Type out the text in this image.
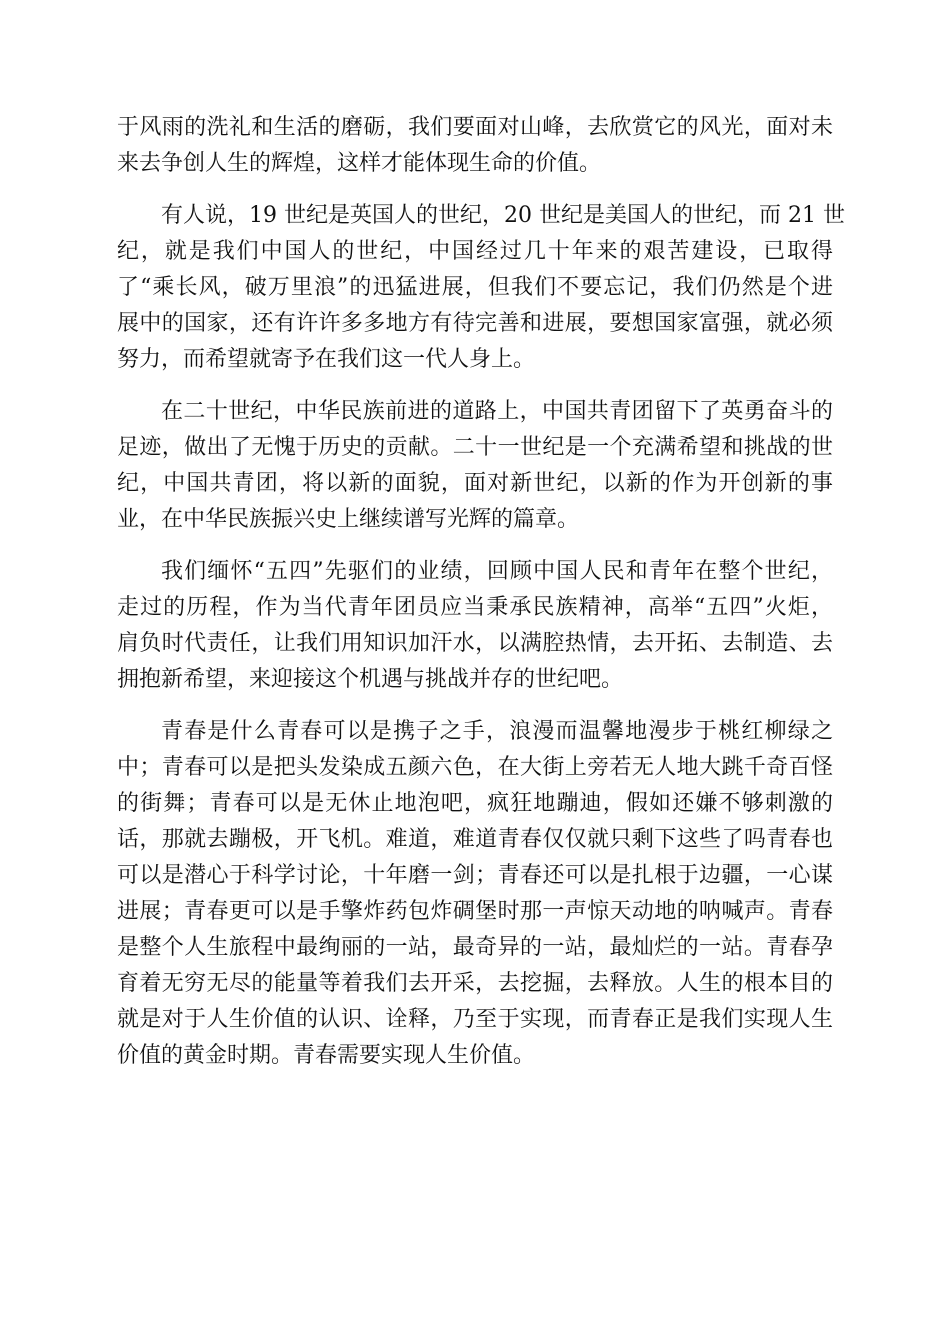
于风雨的洗礼和生活的磨砺，我们要面对山峰，去欣赏它的风光，面对未
来去争创人生的辉煌，这样才能体现生命的价值。
有人说，19 世纪是英国人的世纪，20 世纪是美国人的世纪，而 21 世
纪，就是我们中国人的世纪，中国经过几十年来的艰苦建设，已取得
了“乘长风，破万里浪”的迅猛进展，但我们不要忘记，我们仍然是个进
展中的国家，还有许许多多地方有待完善和进展，要想国家富强，就必须
努力，而希望就寄予在我们这一代人身上。
在二十世纪，中华民族前进的道路上，中国共青团留下了英勇奋斗的
足迹，做出了无愧于历史的贡献。二十一世纪是一个充满希望和挑战的世
纪，中国共青团，将以新的面貌，面对新世纪，以新的作为开创新的事
业，在中华民族振兴史上继续谱写光辉的篇章。
我们缅怀“五四”先驱们的业绩，回顾中国人民和青年在整个世纪，
走过的历程，作为当代青年团员应当秉承民族精神，高举“五四”火炬，
肩负时代责任，让我们用知识加汗水，以满腔热情，去开拓、去制造、去
拥抱新希望，来迎接这个机遇与挑战并存的世纪吧。
青春是什么青春可以是携子之手，浪漫而温馨地漫步于桃红柳绿之
中；青春可以是把头发染成五颜六色，在大街上旁若无人地大跳千奇百怪
的街舞；青春可以是无休止地泡吧，疯狂地蹦迪，假如还嫌不够刺激的
话，那就去蹦极，开飞机。难道，难道青春仅仅就只剩下这些了吗青春也
可以是潜心于科学讨论，十年磨一剑；青春还可以是扎根于边疆，一心谋
进展；青春更可以是手擎炸药包炸碉堡时那一声惊天动地的呐喊声。青春
是整个人生旅程中最绚丽的一站，最奇异的一站，最灿烂的一站。青春孕
育着无穷无尽的能量等着我们去开采，去挖掘，去释放。人生的根本目的
就是对于人生价值的认识、诠释，乃至于实现，而青春正是我们实现人生
价值的黄金时期。青春需要实现人生价值。
